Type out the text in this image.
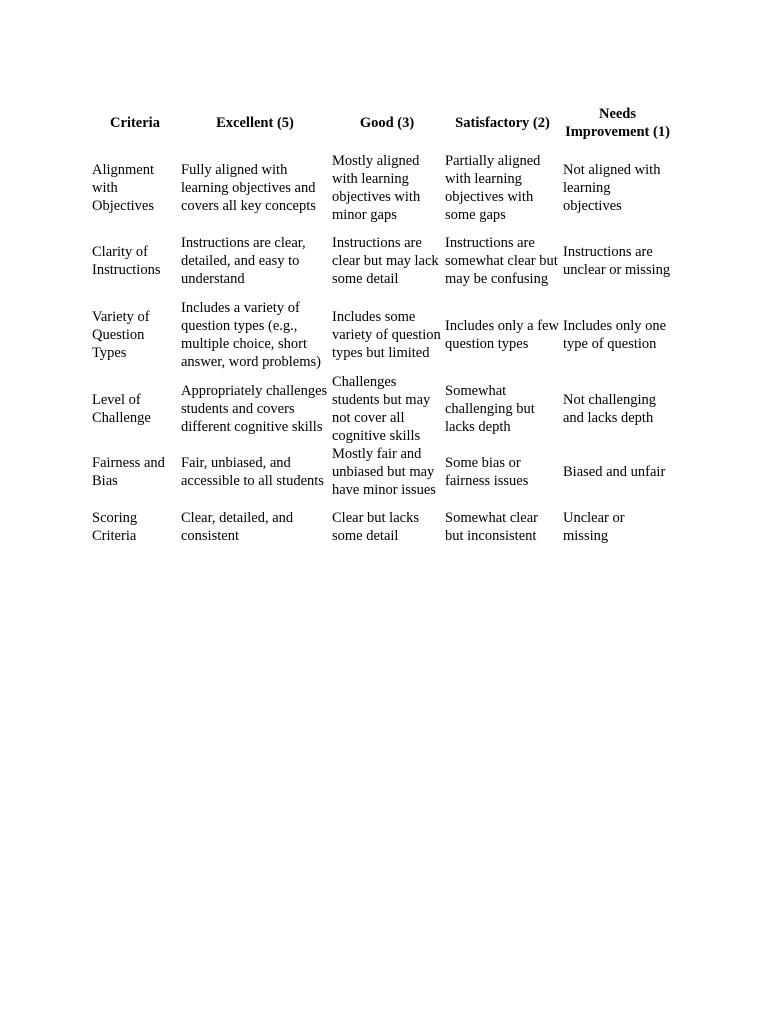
Criteria	Excellent (5)	Good (3)	Satisfactory (2)	Needs Improvement (1)
Alignment with Objectives	Fully aligned with learning objectives and covers all key concepts	Mostly aligned with learning objectives with minor gaps	Partially aligned with learning objectives with some gaps	Not aligned with learning objectives
Clarity of Instructions	Instructions are clear, detailed, and easy to understand	Instructions are clear but may lack some detail	Instructions are somewhat clear but may be confusing	Instructions are unclear or missing
Variety of Question Types	Includes a variety of question types (e.g., multiple choice, short answer, word problems)	Includes some variety of question types but limited	Includes only a few question types	Includes only one type of question
Level of Challenge	Appropriately challenges students and covers different cognitive skills	Challenges students but may not cover all cognitive skills	Somewhat challenging but lacks depth	Not challenging and lacks depth
Fairness and Bias	Fair, unbiased, and accessible to all students	Mostly fair and unbiased but may have minor issues	Some bias or fairness issues	Biased and unfair
Scoring Criteria	Clear, detailed, and consistent	Clear but lacks some detail	Somewhat clear but inconsistent	Unclear or missing
